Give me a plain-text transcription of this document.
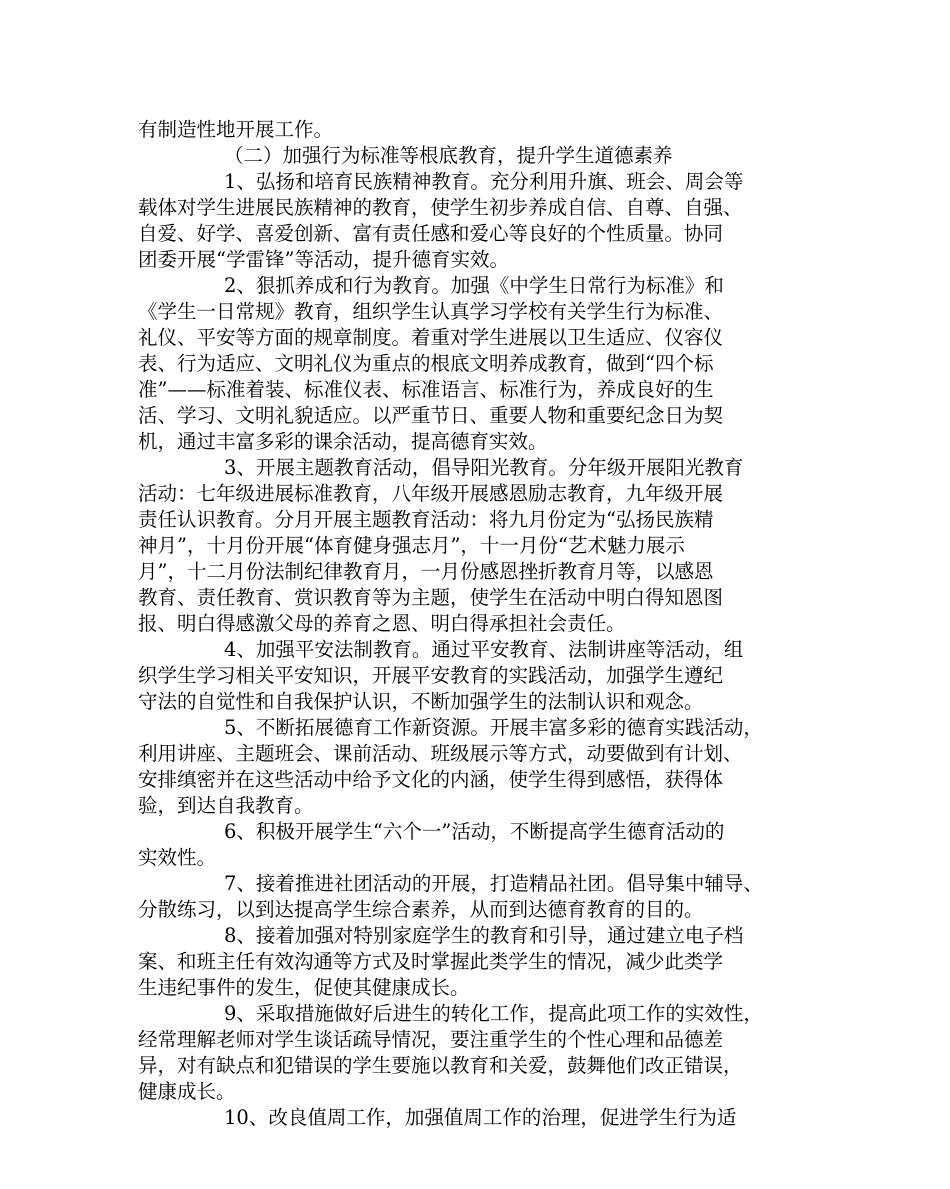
有制造性地开展工作。
（二）加强行为标准等根底教育，提升学生道德素养
1、弘扬和培育民族精神教育。充分利用升旗、班会、周会等
载体对学生进展民族精神的教育，使学生初步养成自信、自尊、自强、
自爱、好学、喜爱创新、富有责任感和爱心等良好的个性质量。协同
团委开展“学雷锋”等活动，提升德育实效。
2、狠抓养成和行为教育。加强《中学生日常行为标准》和
《学生一日常规》教育，组织学生认真学习学校有关学生行为标准、
礼仪、平安等方面的规章制度。着重对学生进展以卫生适应、仪容仪
表、行为适应、文明礼仪为重点的根底文明养成教育，做到“四个标
准”——标准着装、标准仪表、标准语言、标准行为，养成良好的生
活、学习、文明礼貌适应。以严重节日、重要人物和重要纪念日为契
机，通过丰富多彩的课余活动，提高德育实效。
3、开展主题教育活动，倡导阳光教育。分年级开展阳光教育
活动：七年级进展标准教育，八年级开展感恩励志教育，九年级开展
责任认识教育。分月开展主题教育活动：将九月份定为“弘扬民族精
神月”，十月份开展“体育健身强志月”，十一月份“艺术魅力展示
月”，十二月份法制纪律教育月，一月份感恩挫折教育月等，以感恩
教育、责任教育、赏识教育等为主题，使学生在活动中明白得知恩图
报、明白得感激父母的养育之恩、明白得承担社会责任。
4、加强平安法制教育。通过平安教育、法制讲座等活动，组
织学生学习相关平安知识，开展平安教育的实践活动，加强学生遵纪
守法的自觉性和自我保护认识，不断加强学生的法制认识和观念。
5、不断拓展德育工作新资源。开展丰富多彩的德育实践活动，
利用讲座、主题班会、课前活动、班级展示等方式，动要做到有计划、
安排缜密并在这些活动中给予文化的内涵，使学生得到感悟，获得体
验，到达自我教育。
6、积极开展学生“六个一”活动，不断提高学生德育活动的
实效性。
7、接着推进社团活动的开展，打造精品社团。倡导集中辅导、
分散练习，以到达提高学生综合素养，从而到达德育教育的目的。
8、接着加强对特别家庭学生的教育和引导，通过建立电子档
案、和班主任有效沟通等方式及时掌握此类学生的情况，减少此类学
生违纪事件的发生，促使其健康成长。
9、采取措施做好后进生的转化工作，提高此项工作的实效性，
经常理解老师对学生谈话疏导情况，要注重学生的个性心理和品德差
异，对有缺点和犯错误的学生要施以教育和关爱，鼓舞他们改正错误，
健康成长。
10、改良值周工作，加强值周工作的治理，促进学生行为适
